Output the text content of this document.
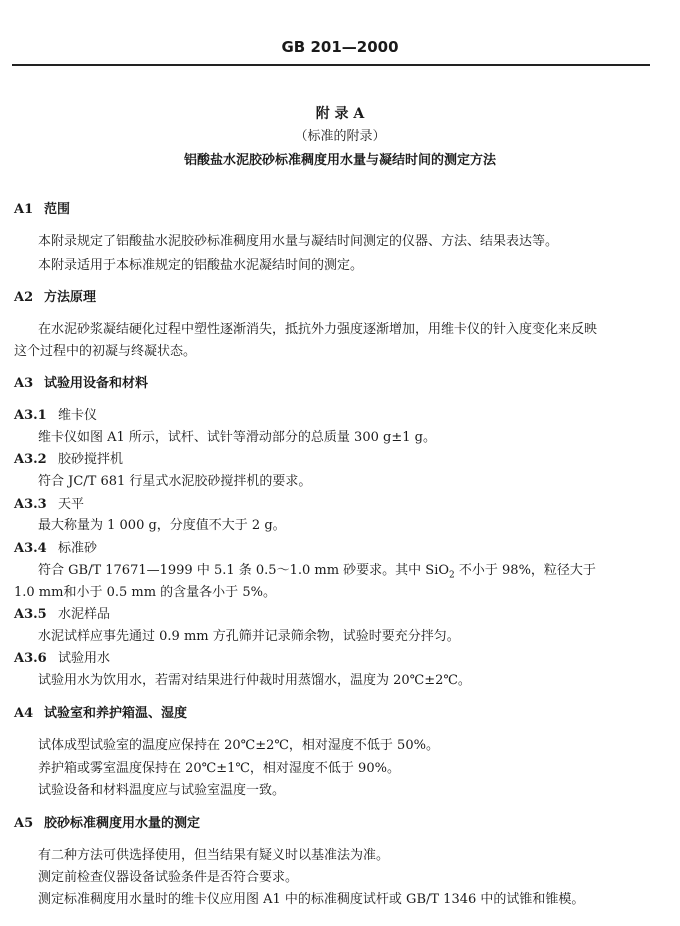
GB 201—2000
附 录 A
（标准的附录）
铝酸盐水泥胶砂标准稠度用水量与凝结时间的测定方法
A1 范围
本附录规定了铝酸盐水泥胶砂标准稠度用水量与凝结时间测定的仪器、方法、结果表达等。
本附录适用于本标准规定的铝酸盐水泥凝结时间的测定。
A2 方法原理
在水泥砂浆凝结硬化过程中塑性逐渐消失，抵抗外力强度逐渐增加，用维卡仪的针入度变化来反映
这个过程中的初凝与终凝状态。
A3 试验用设备和材料
A3.1 维卡仪
维卡仪如图 A1 所示，试杆、试针等滑动部分的总质量 300 g±1 g。
A3.2 胶砂搅拌机
符合 JC/T 681 行星式水泥胶砂搅拌机的要求。
A3.3 天平
最大称量为 1 000 g，分度值不大于 2 g。
A3.4 标准砂
符合 GB/T 17671—1999 中 5.1 条 0.5～1.0 mm 砂要求。其中 SiO$_2$ 不小于 98%，粒径大于
1.0 mm和小于 0.5 mm 的含量各小于 5%。
A3.5 水泥样品
水泥试样应事先通过 0.9 mm 方孔筛并记录筛余物，试验时要充分拌匀。
A3.6 试验用水
试验用水为饮用水，若需对结果进行仲裁时用蒸馏水，温度为 20℃±2℃。
A4 试验室和养护箱温、湿度
试体成型试验室的温度应保持在 20℃±2℃，相对湿度不低于 50%。
养护箱或雾室温度保持在 20℃±1℃，相对湿度不低于 90%。
试验设备和材料温度应与试验室温度一致。
A5 胶砂标准稠度用水量的测定
有二种方法可供选择使用，但当结果有疑义时以基准法为准。
测定前检查仪器设备试验条件是否符合要求。
测定标准稠度用水量时的维卡仪应用图 A1 中的标准稠度试杆或 GB/T 1346 中的试锥和锥模。
